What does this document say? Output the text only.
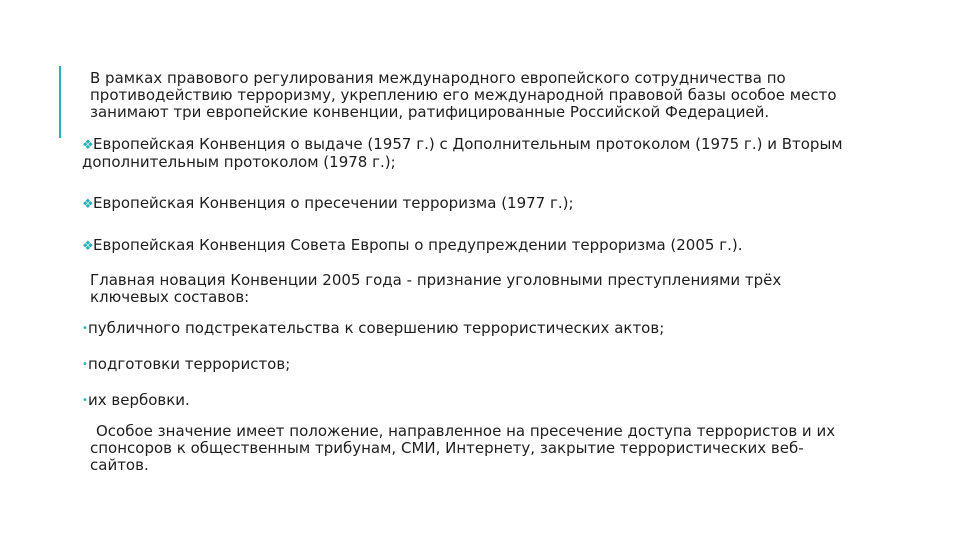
В рамках правового регулирования международного европейского сотрудничества по противодействию терроризму, укреплению его международной правовой базы особое место занимают три европейские конвенции, ратифицированные Российской Федерацией.

❖Европейская Конвенция о выдаче (1957 г.) с Дополнительным протоколом (1975 г.) и Вторым дополнительным протоколом (1978 г.);
❖Европейская Конвенция о пресечении терроризма (1977 г.);
❖Европейская Конвенция Совета Европы о предупреждении терроризма (2005 г.).

Главная новация Конвенции 2005 года - признание уголовными преступлениями трёх ключевых составов:

•публичного подстрекательства к совершению террористических актов;
•подготовки террористов;
•их вербовки.

Особое значение имеет положение, направленное на пресечение доступа террористов и их спонсоров к общественным трибунам, СМИ, Интернету, закрытие террористических веб-сайтов.
